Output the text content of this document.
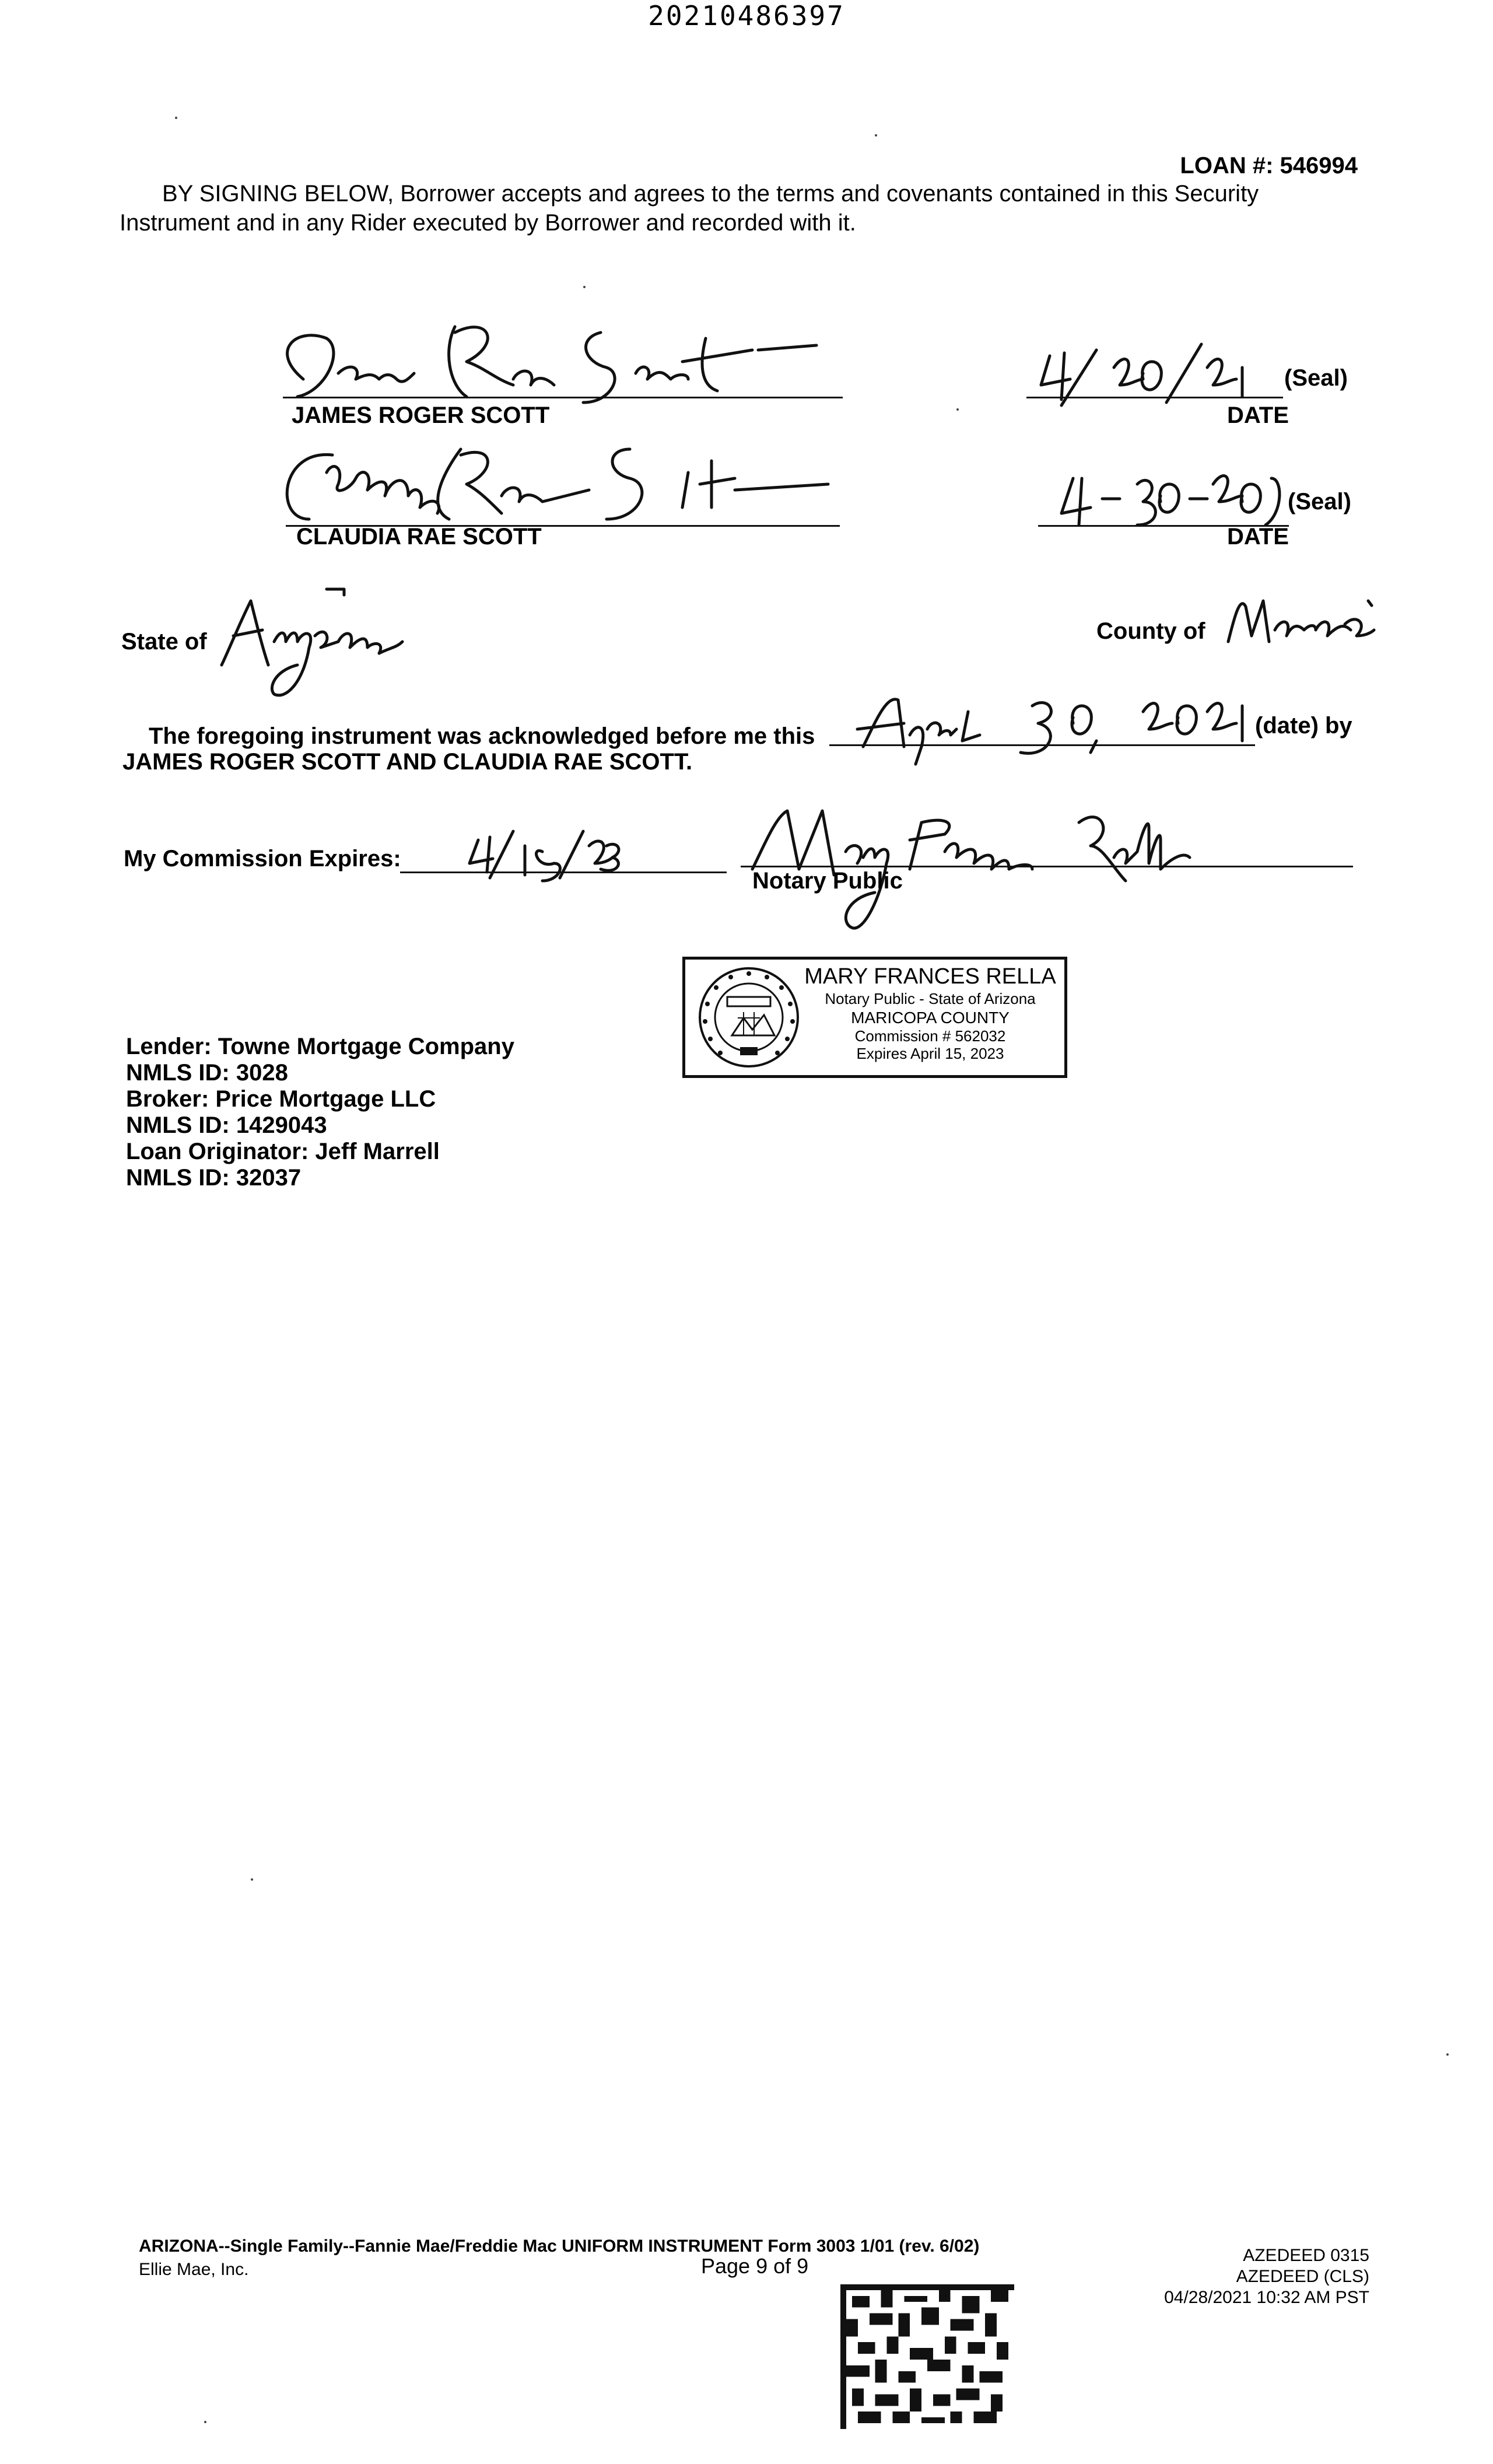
20210486397
LOAN #: 546994
BY SIGNING BELOW, Borrower accepts and agrees to the terms and covenants contained in this Security
Instrument and in any Rider executed by Borrower and recorded with it.
JAMES ROGER SCOTT
(Seal)
DATE
CLAUDIA RAE SCOTT
(Seal)
DATE
State of	County of
The foregoing instrument was acknowledged before me this	(date) by
JAMES ROGER SCOTT AND CLAUDIA RAE SCOTT.
My Commission Expires:
Notary Public
MARY FRANCES RELLA
Notary Public - State of Arizona
MARICOPA COUNTY
Commission # 562032
Expires April 15, 2023
Lender: Towne Mortgage Company
NMLS ID: 3028
Broker: Price Mortgage LLC
NMLS ID: 1429043
Loan Originator: Jeff Marrell
NMLS ID: 32037
ARIZONA--Single Family--Fannie Mae/Freddie Mac UNIFORM INSTRUMENT Form 3003 1/01 (rev. 6/02)
Ellie Mae, Inc.	Page 9 of 9	AZEDEED 0315
AZEDEED (CLS)
04/28/2021 10:32 AM PST
